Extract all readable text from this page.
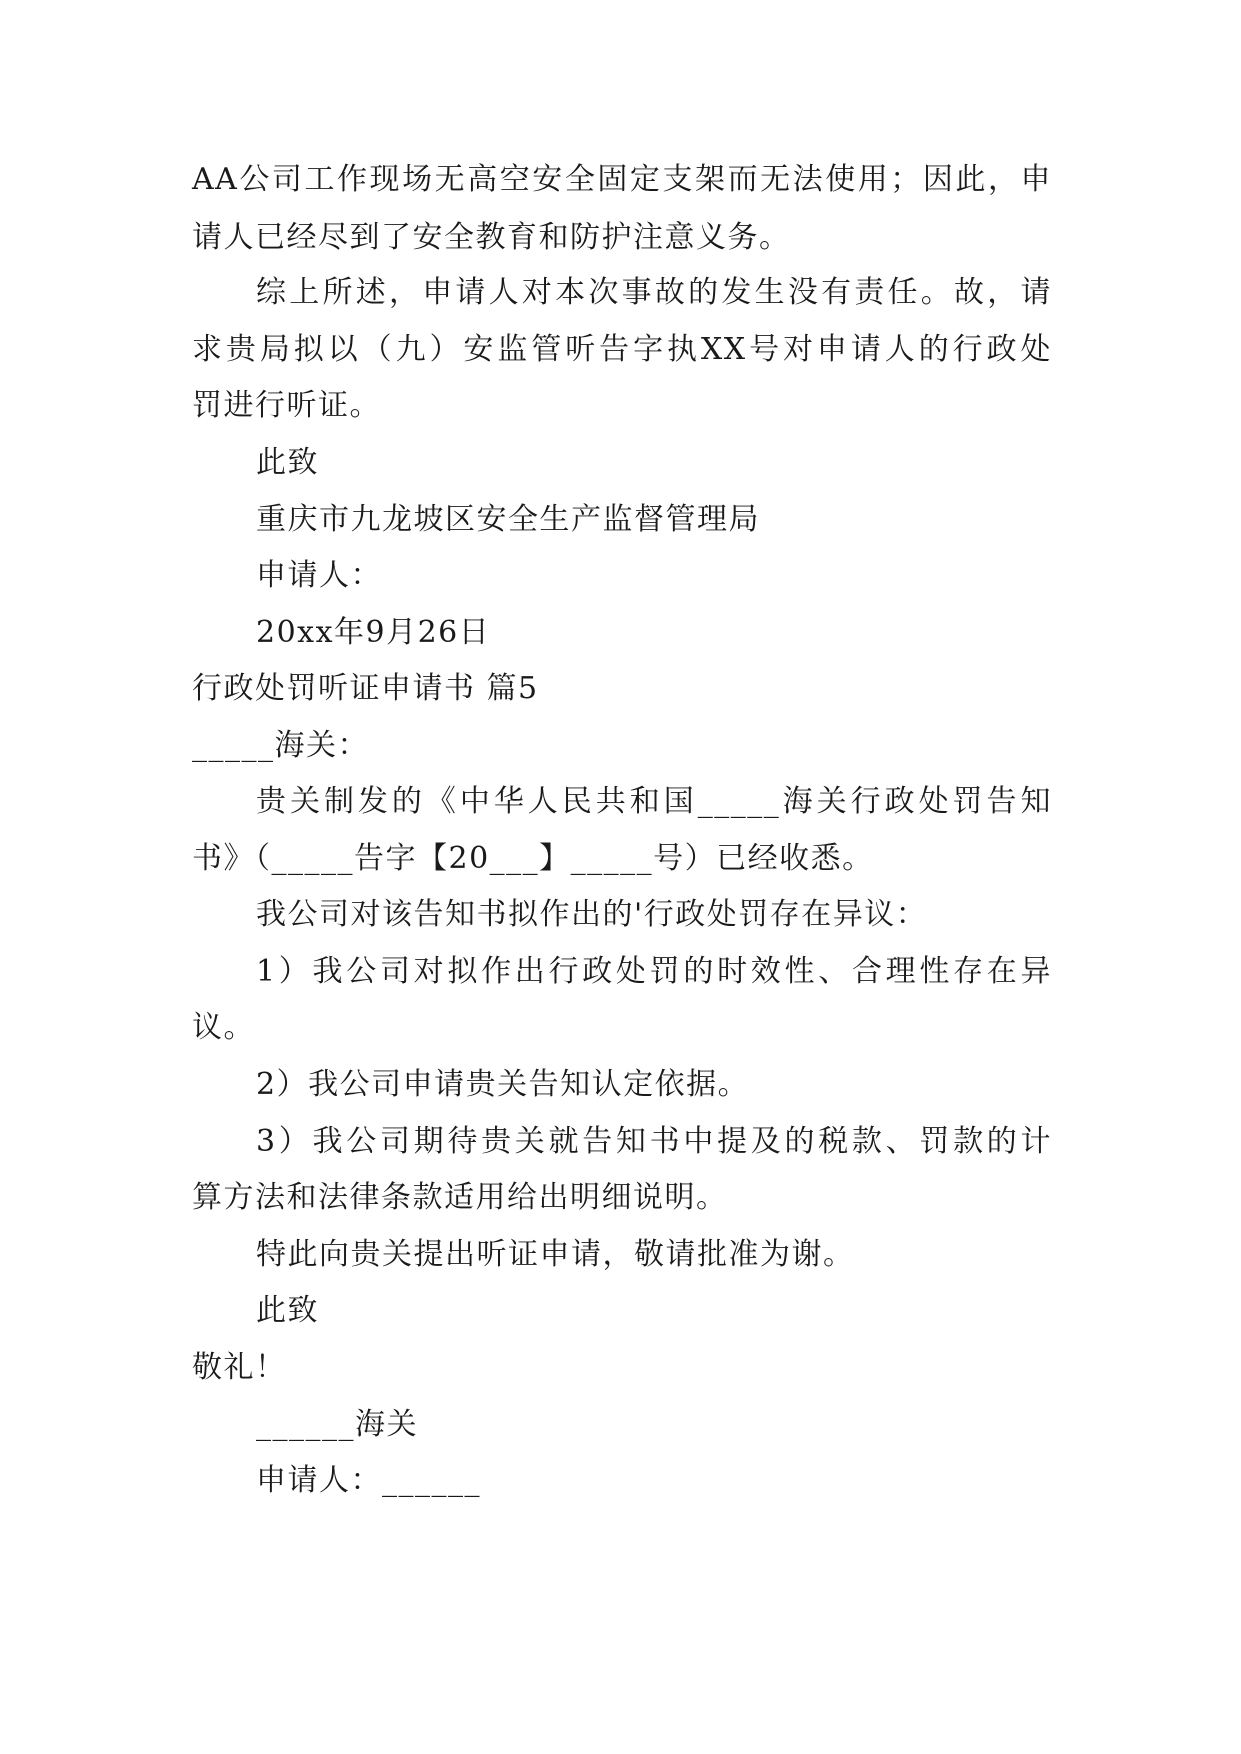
AA公司工作现场无高空安全固定支架而无法使用；因此，申
请人已经尽到了安全教育和防护注意义务。
综上所述，申请人对本次事故的发生没有责任。故，请
求贵局拟以（九）安监管听告字执XX号对申请人的行政处
罚进行听证。
此致
重庆市九龙坡区安全生产监督管理局
申请人：
20xx年9月26日
行政处罚听证申请书 篇5
_____海关：
贵关制发的《中华人民共和国_____海关行政处罚告知
书》（_____告字【20___】_____号）已经收悉。
我公司对该告知书拟作出的'行政处罚存在异议：
1）我公司对拟作出行政处罚的时效性、合理性存在异
议。
2）我公司申请贵关告知认定依据。
3）我公司期待贵关就告知书中提及的税款、罚款的计
算方法和法律条款适用给出明细说明。
特此向贵关提出听证申请，敬请批准为谢。
此致
敬礼！
______海关
申请人：______
